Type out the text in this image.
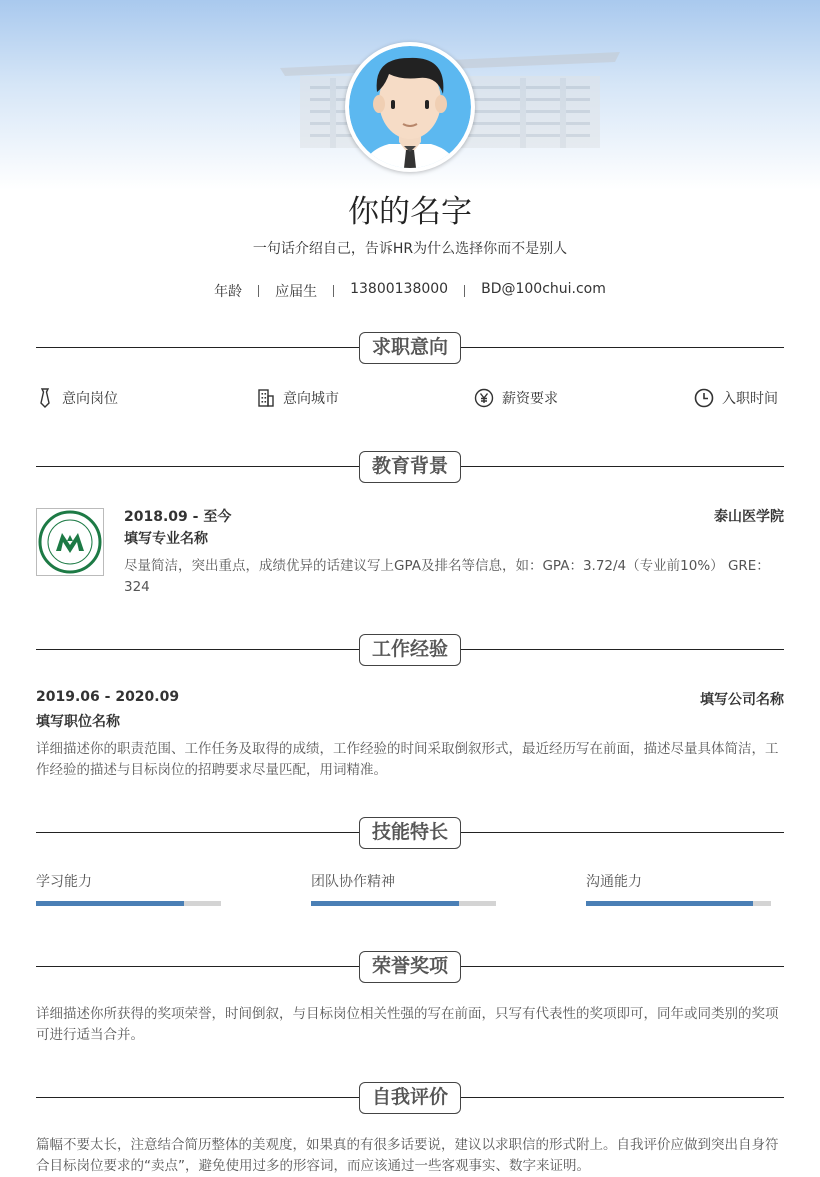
你的名字
一句话介绍自己，告诉HR为什么选择你而不是别人
年龄 应届生 13800138000 BD@100chui.com
求职意向
意向岗位	意向城市	薪资要求	入职时间
教育背景
2018.09 - 至今	泰山医学院
填写专业名称
尽量简洁，突出重点，成绩优异的话建议写上GPA及排名等信息，如：GPA：3.72/4（专业前10%） GRE：324
工作经验
2019.06 - 2020.09	填写公司名称
填写职位名称
详细描述你的职责范围、工作任务及取得的成绩，工作经验的时间采取倒叙形式，最近经历写在前面，描述尽量具体简洁，工作经验的描述与目标岗位的招聘要求尽量匹配，用词精准。
技能特长
学习能力	团队协作精神	沟通能力
荣誉奖项
详细描述你所获得的奖项荣誉，时间倒叙，与目标岗位相关性强的写在前面，只写有代表性的奖项即可，同年或同类别的奖项可进行适当合并。
自我评价
篇幅不要太长，注意结合简历整体的美观度，如果真的有很多话要说，建议以求职信的形式附上。自我评价应做到突出自身符合目标岗位要求的“卖点”，避免使用过多的形容词，而应该通过一些客观事实、数字来证明。
